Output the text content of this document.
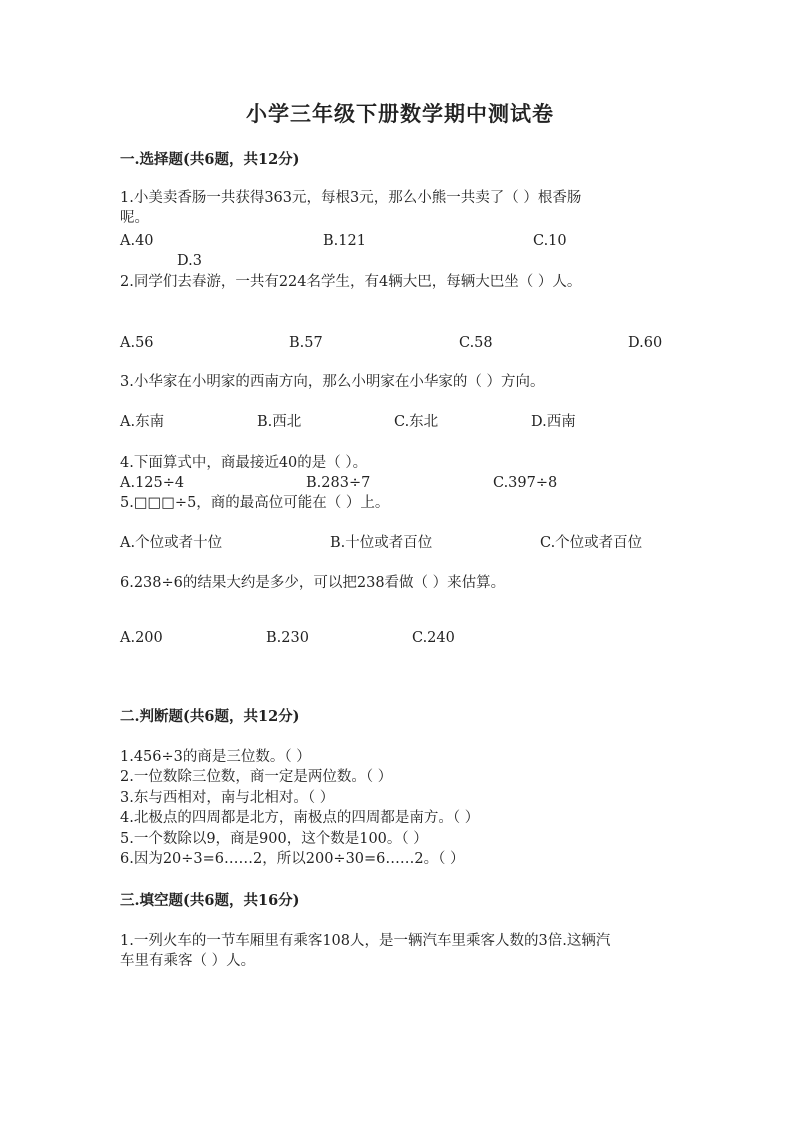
小学三年级下册数学期中测试卷
一.选择题(共6题，共12分)
1.小美卖香肠一共获得363元，每根3元，那么小熊一共卖了（ ）根香肠
呢。
A.40	B.121	C.10
D.3
2.同学们去春游，一共有224名学生，有4辆大巴，每辆大巴坐（ ）人。
A.56	B.57	C.58	D.60
3.小华家在小明家的西南方向，那么小明家在小华家的（ ）方向。
A.东南	B.西北	C.东北	D.西南
4.下面算式中，商最接近40的是（ ）。
A.125÷4	B.283÷7	C.397÷8
5.□□□÷5，商的最高位可能在（ ）上。
A.个位或者十位	B.十位或者百位	C.个位或者百位
6.238÷6的结果大约是多少，可以把238看做（ ）来估算。
A.200	B.230	C.240
二.判断题(共6题，共12分)
1.456÷3的商是三位数。（ ）
2.一位数除三位数，商一定是两位数。（ ）
3.东与西相对，南与北相对。（ ）
4.北极点的四周都是北方，南极点的四周都是南方。（ ）
5.一个数除以9，商是900，这个数是100。（ ）
6.因为20÷3=6……2，所以200÷30=6……2。（ ）
三.填空题(共6题，共16分)
1.一列火车的一节车厢里有乘客108人，是一辆汽车里乘客人数的3倍.这辆汽
车里有乘客（ ）人。
